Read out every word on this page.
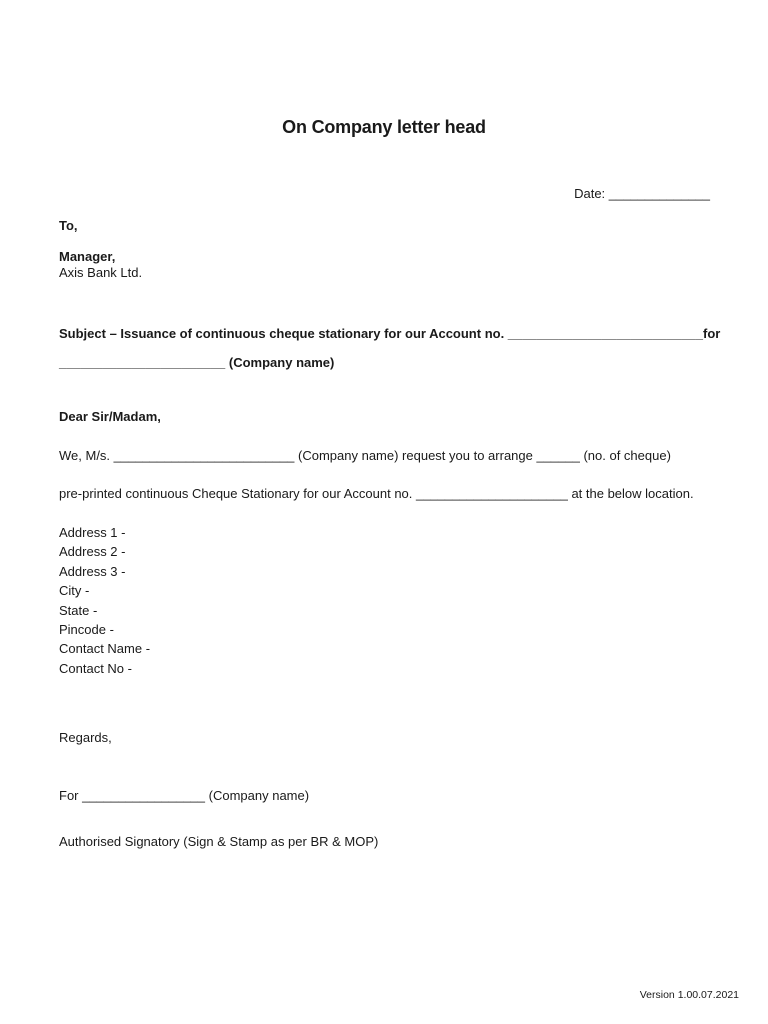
On Company letter head
Date: ______________
To,
Manager,
Axis Bank Ltd.
Subject – Issuance of continuous cheque stationary for our Account no. ___________________________for
_______________________ (Company name)
Dear Sir/Madam,
We, M/s. _________________________ (Company name) request you to arrange ______ (no. of cheque)
pre-printed continuous Cheque Stationary for our Account no. _____________________ at the below location.
Address 1 -
Address 2 -
Address 3 -
City -
State -
Pincode -
Contact Name -
Contact No -
Regards,
For _________________ (Company name)
Authorised Signatory (Sign & Stamp as per BR & MOP)
Version 1.00.07.2021
